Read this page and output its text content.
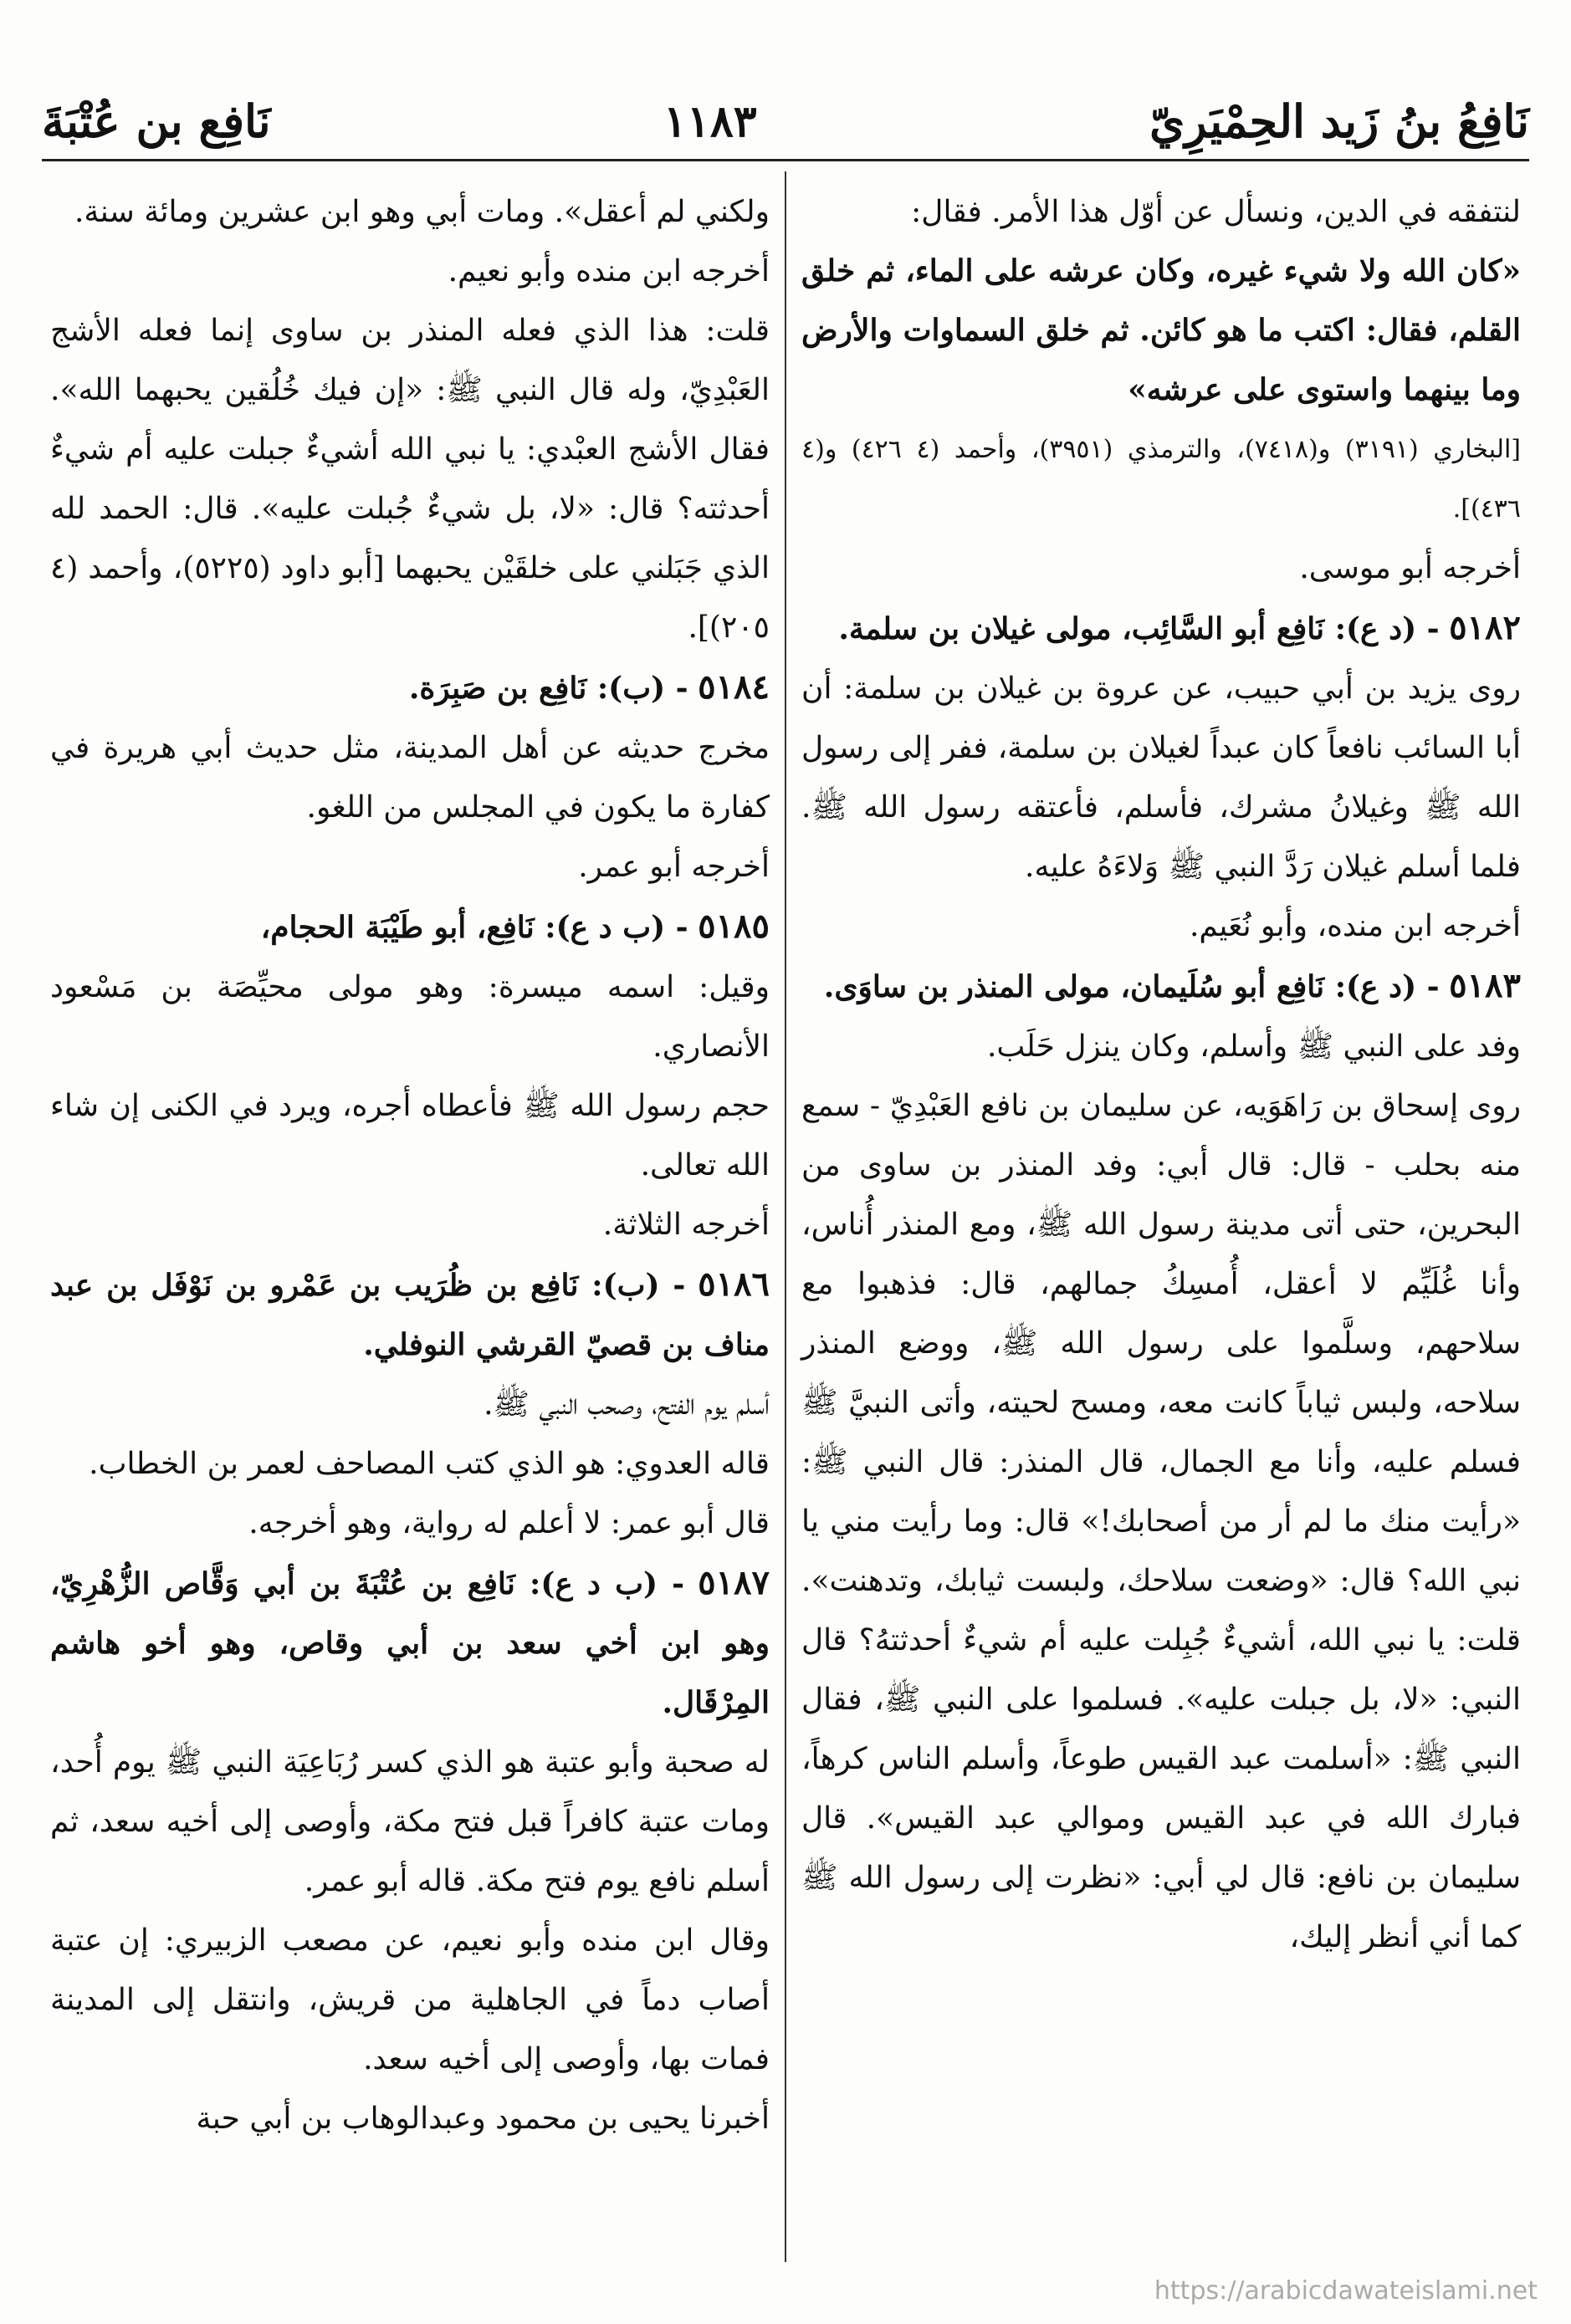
نَافِع بن عُتْبَةَ	١١٨٣	نَافِعُ بنُ زَيد الحِمْيَرِيّ

لنتفقه في الدين، ونسأل عن أوّل هذا الأمر. فقال:

«كان الله ولا شيء غيره، وكان عرشه على الماء، ثم خلق القلم، فقال: اكتب ما هو كائن. ثم خلق السماوات والأرض وما بينهما واستوى على عرشه»

[البخاري (٣١٩١) و(٧٤١٨)، والترمذي (٣٩٥١)، وأحمد (٤ ٤٢٦) و(٤ ٤٣٦)].

أخرجه أبو موسى.

٥١٨٢ - (د ع): نَافِع أبو السَّائِب، مولى غيلان بن سلمة.

روى يزيد بن أبي حبيب، عن عروة بن غيلان بن سلمة: أن أبا السائب نافعاً كان عبداً لغيلان بن سلمة، ففر إلى رسول الله ﷺ وغيلانُ مشرك، فأسلم، فأعتقه رسول الله ﷺ. فلما أسلم غيلان رَدَّ النبي ﷺ وَلاءَهُ عليه.

أخرجه ابن منده، وأبو نُعَيم.

٥١٨٣ - (د ع): نَافِع أبو سُلَيمان، مولى المنذر بن ساوَى.

وفد على النبي ﷺ وأسلم، وكان ينزل حَلَب.

روى إسحاق بن رَاهَوَيه، عن سليمان بن نافع العَبْدِيّ - سمع منه بحلب - قال: قال أبي: وفد المنذر بن ساوى من البحرين، حتى أتى مدينة رسول الله ﷺ، ومع المنذر أُناس، وأنا غُلَيِّم لا أعقل، أُمسِكُ جمالهم، قال: فذهبوا مع سلاحهم، وسلَّموا على رسول الله ﷺ، ووضع المنذر سلاحه، ولبس ثياباً كانت معه، ومسح لحيته، وأتى النبيَّ ﷺ فسلم عليه، وأنا مع الجمال، قال المنذر: قال النبي ﷺ: «رأيت منك ما لم أر من أصحابك!» قال: وما رأيت مني يا نبي الله؟ قال: «وضعت سلاحك، ولبست ثيابك، وتدهنت». قلت: يا نبي الله، أشيءٌ جُبِلت عليه أم شيءٌ أحدثتهُ؟ قال النبي: «لا، بل جبلت عليه». فسلموا على النبي ﷺ، فقال النبي ﷺ: «أسلمت عبد القيس طوعاً، وأسلم الناس كرهاً، فبارك الله في عبد القيس وموالي عبد القيس». قال سليمان بن نافع: قال لي أبي: «نظرت إلى رسول الله ﷺ كما أني أنظر إليك،

ولكني لم أعقل». ومات أبي وهو ابن عشرين ومائة سنة.

أخرجه ابن منده وأبو نعيم.

قلت: هذا الذي فعله المنذر بن ساوى إنما فعله الأشج العَبْدِيّ، وله قال النبي ﷺ: «إن فيك خُلُقين يحبهما الله». فقال الأشج العبْدي: يا نبي الله أشيءٌ جبلت عليه أم شيءٌ أحدثته؟ قال: «لا، بل شيءٌ جُبلت عليه». قال: الحمد لله الذي جَبَلني على خلقَيْن يحبهما [أبو داود (٥٢٢٥)، وأحمد (٤ ٢٠٥)].

٥١٨٤ - (ب): نَافِع بن صَبِرَة.

مخرج حديثه عن أهل المدينة، مثل حديث أبي هريرة في كفارة ما يكون في المجلس من اللغو.

أخرجه أبو عمر.

٥١٨٥ - (ب د ع): نَافِع، أبو طَيْبَة الحجام،

وقيل: اسمه ميسرة: وهو مولى محيِّصَة بن مَسْعود الأنصاري.

حجم رسول الله ﷺ فأعطاه أجره، ويرد في الكنى إن شاء الله تعالى.

أخرجه الثلاثة.

٥١٨٦ - (ب): نَافِع بن ظُرَيب بن عَمْرو بن نَوْفَل بن عبد مناف بن قصيّ القرشي النوفلي.

أسلم يوم الفتح، وصحب النبي ﷺ.

قاله العدوي: هو الذي كتب المصاحف لعمر بن الخطاب.

قال أبو عمر: لا أعلم له رواية، وهو أخرجه.

٥١٨٧ - (ب د ع): نَافِع بن عُتْبَةَ بن أبي وَقَّاص الزُّهْرِيّ، وهو ابن أخي سعد بن أبي وقاص، وهو أخو هاشم المِرْقَال.

له صحبة وأبو عتبة هو الذي كسر رُبَاعِيَة النبي ﷺ يوم أُحد، ومات عتبة كافراً قبل فتح مكة، وأوصى إلى أخيه سعد، ثم أسلم نافع يوم فتح مكة. قاله أبو عمر.

وقال ابن منده وأبو نعيم، عن مصعب الزبيري: إن عتبة أصاب دماً في الجاهلية من قريش، وانتقل إلى المدينة فمات بها، وأوصى إلى أخيه سعد.

أخبرنا يحيى بن محمود وعبدالوهاب بن أبي حبة

https://arabicdawateislami.net
